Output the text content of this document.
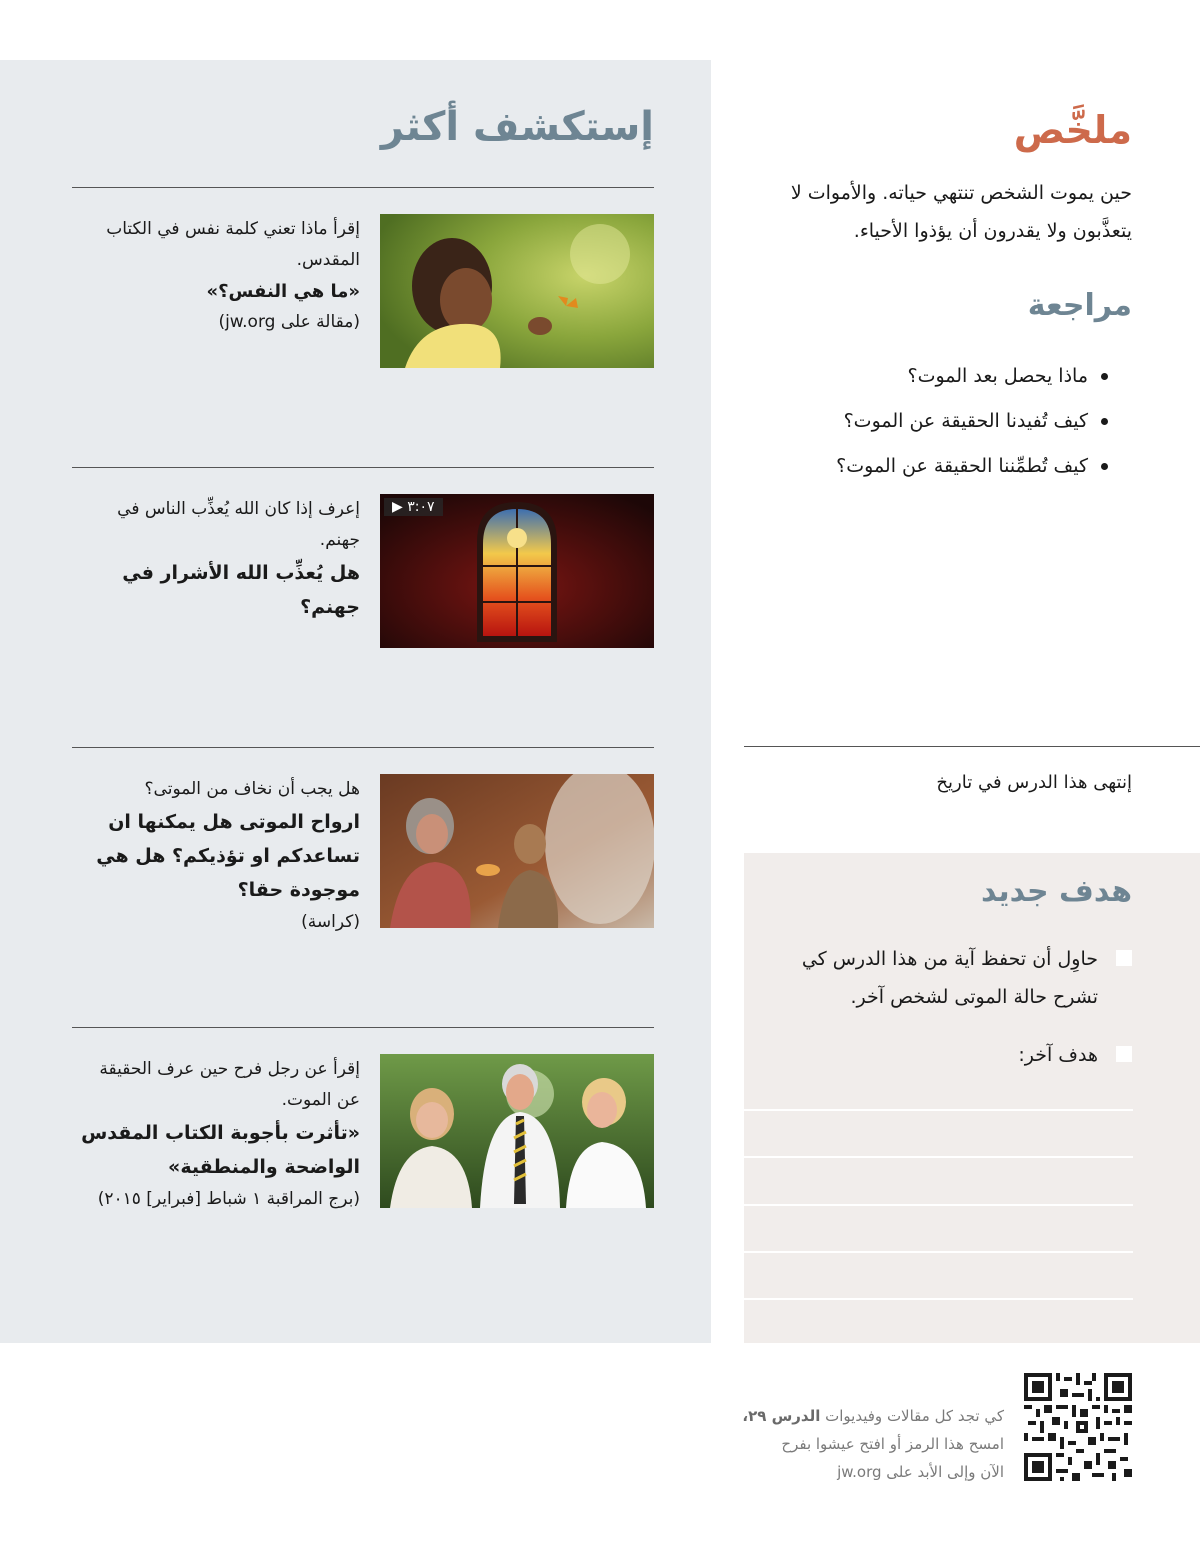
إستكشف أكثر
إقرأ ماذا تعني كلمة نفس في الكتاب المقدس.
«ما هي النفس؟»
(مقالة على jw.org)
٣:٠٧ ▶
إعرف إذا كان الله يُعذِّب الناس في جهنم.
هل يُعذِّب الله الأشرار في جهنم؟
هل يجب أن نخاف من الموتى؟
ارواح الموتى هل يمكنها ان تساعدكم او تؤذيكم؟ هل هي موجودة حقا؟
(كراسة)
إقرأ عن رجل فرح حين عرف الحقيقة عن الموت.
«تأثرت بأجوبة الكتاب المقدس الواضحة والمنطقية»
(برج المراقبة ١ شباط [فبراير] ٢٠١٥)
ملخَّص

حين يموت الشخص تنتهي حياته. والأموات لا يتعذَّبون ولا يقدرون أن يؤذوا الأحياء.

مراجعة
ماذا يحصل بعد الموت؟
كيف تُفيدنا الحقيقة عن الموت؟
كيف تُطمِّننا الحقيقة عن الموت؟
إنتهى هذا الدرس في تاريخ
هدف جديد
حاوِل أن تحفظ آية من هذا الدرس كي تشرح حالة الموتى لشخص آخر.
هدف آخر:
كي تجد كل مقالات وفيديوات الدرس ٢٩،
امسح هذا الرمز أو افتح عيشوا بفرح
الآن وإلى الأبد على jw.org
